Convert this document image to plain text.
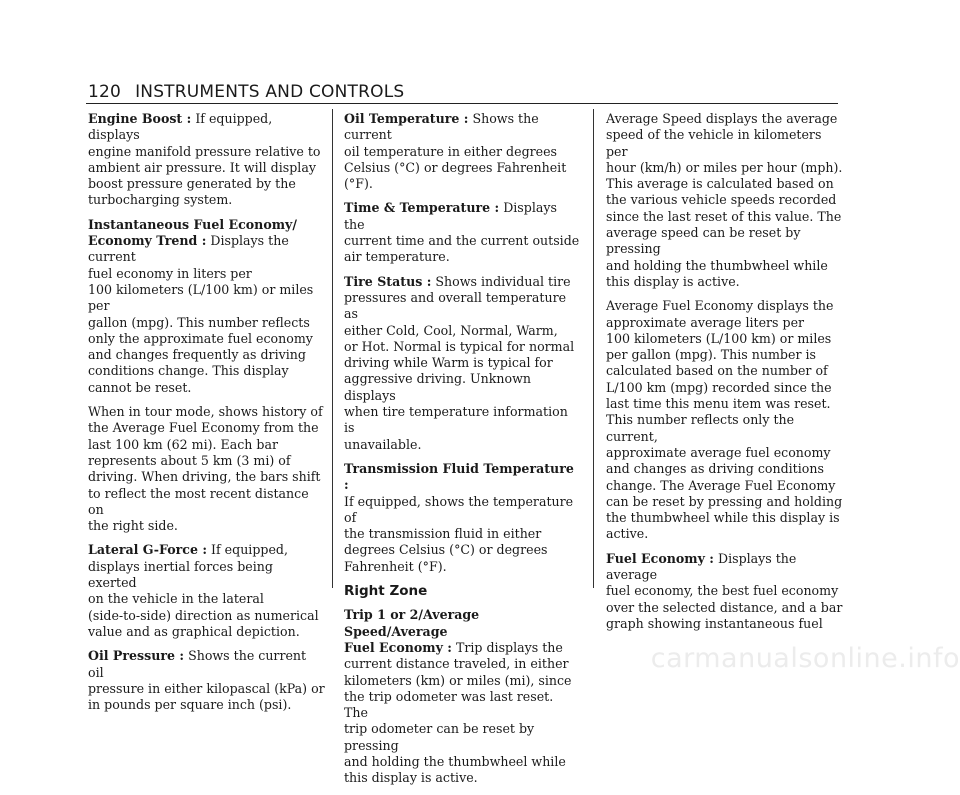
120 INSTRUMENTS AND CONTROLS

Engine Boost : If equipped, displays
engine manifold pressure relative to
ambient air pressure. It will display
boost pressure generated by the
turbocharging system.

Instantaneous Fuel Economy/
Economy Trend : Displays the current
fuel economy in liters per
100 kilometers (L/100 km) or miles per
gallon (mpg). This number reflects
only the approximate fuel economy
and changes frequently as driving
conditions change. This display
cannot be reset.

When in tour mode, shows history of
the Average Fuel Economy from the
last 100 km (62 mi). Each bar
represents about 5 km (3 mi) of
driving. When driving, the bars shift
to reflect the most recent distance on
the right side.

Lateral G-Force : If equipped,
displays inertial forces being exerted
on the vehicle in the lateral
(side-to-side) direction as numerical
value and as graphical depiction.

Oil Pressure : Shows the current oil
pressure in either kilopascal (kPa) or
in pounds per square inch (psi).

Oil Temperature : Shows the current
oil temperature in either degrees
Celsius (°C) or degrees Fahrenheit (°F).

Time & Temperature : Displays the
current time and the current outside
air temperature.

Tire Status : Shows individual tire
pressures and overall temperature as
either Cold, Cool, Normal, Warm,
or Hot. Normal is typical for normal
driving while Warm is typical for
aggressive driving. Unknown displays
when tire temperature information is
unavailable.

Transmission Fluid Temperature :
If equipped, shows the temperature of
the transmission fluid in either
degrees Celsius (°C) or degrees
Fahrenheit (°F).

Right Zone

Trip 1 or 2/Average Speed/Average
Fuel Economy : Trip displays the
current distance traveled, in either
kilometers (km) or miles (mi), since
the trip odometer was last reset. The
trip odometer can be reset by pressing
and holding the thumbwheel while
this display is active.

Average Speed displays the average
speed of the vehicle in kilometers per
hour (km/h) or miles per hour (mph).
This average is calculated based on
the various vehicle speeds recorded
since the last reset of this value. The
average speed can be reset by pressing
and holding the thumbwheel while
this display is active.

Average Fuel Economy displays the
approximate average liters per
100 kilometers (L/100 km) or miles
per gallon (mpg). This number is
calculated based on the number of
L/100 km (mpg) recorded since the
last time this menu item was reset.
This number reflects only the current,
approximate average fuel economy
and changes as driving conditions
change. The Average Fuel Economy
can be reset by pressing and holding
the thumbwheel while this display is
active.

Fuel Economy : Displays the average
fuel economy, the best fuel economy
over the selected distance, and a bar
graph showing instantaneous fuel

carmanualsonline.info
